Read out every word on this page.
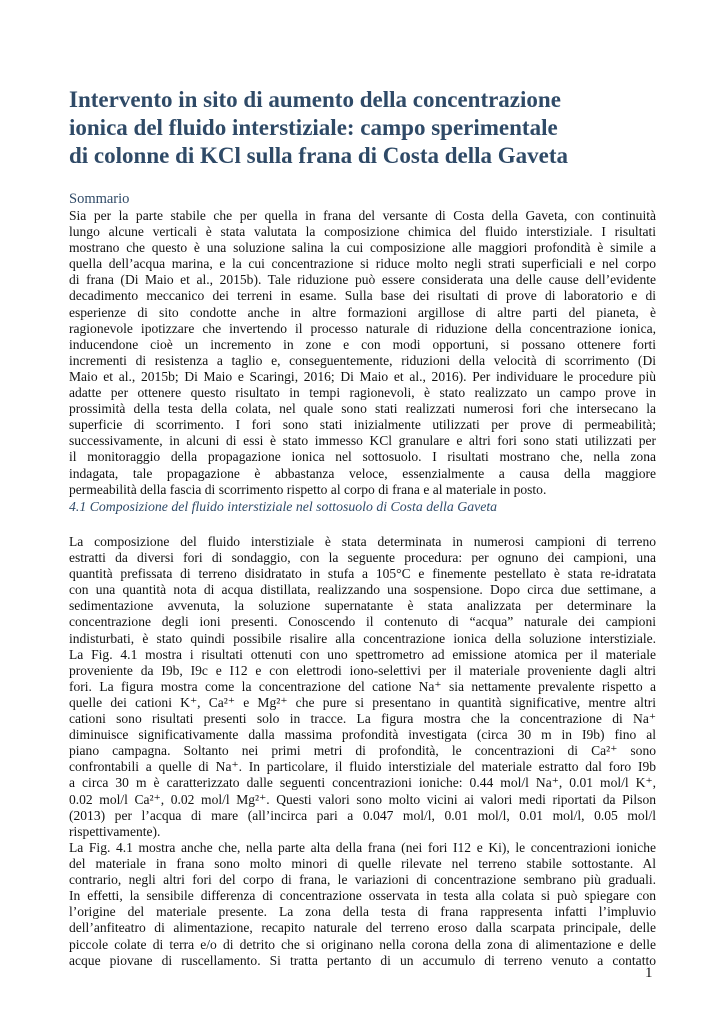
Intervento in sito di aumento della concentrazione
ionica del fluido interstiziale: campo sperimentale
di colonne di KCl sulla frana di Costa della Gaveta
Sommario
Sia per la parte stabile che per quella in frana del versante di Costa della Gaveta, con continuità
lungo alcune verticali è stata valutata la composizione chimica del fluido interstiziale. I risultati
mostrano che questo è una soluzione salina la cui composizione alle maggiori profondità è simile a
quella dell’acqua marina, e la cui concentrazione si riduce molto negli strati superficiali e nel corpo
di frana (Di Maio et al., 2015b). Tale riduzione può essere considerata una delle cause dell’evidente
decadimento meccanico dei terreni in esame. Sulla base dei risultati di prove di laboratorio e di
esperienze di sito condotte anche in altre formazioni argillose di altre parti del pianeta, è
ragionevole ipotizzare che invertendo il processo naturale di riduzione della concentrazione ionica,
inducendone cioè un incremento in zone e con modi opportuni, si possano ottenere forti
incrementi di resistenza a taglio e, conseguentemente, riduzioni della velocità di scorrimento (Di
Maio et al., 2015b; Di Maio e Scaringi, 2016; Di Maio et al., 2016). Per individuare le procedure più
adatte per ottenere questo risultato in tempi ragionevoli, è stato realizzato un campo prove in
prossimità della testa della colata, nel quale sono stati realizzati numerosi fori che intersecano la
superficie di scorrimento. I fori sono stati inizialmente utilizzati per prove di permeabilità;
successivamente, in alcuni di essi è stato immesso KCl granulare e altri fori sono stati utilizzati per
il monitoraggio della propagazione ionica nel sottosuolo. I risultati mostrano che, nella zona
indagata, tale propagazione è abbastanza veloce, essenzialmente a causa della maggiore
permeabilità della fascia di scorrimento rispetto al corpo di frana e al materiale in posto.
4.1 Composizione del fluido interstiziale nel sottosuolo di Costa della Gaveta
La composizione del fluido interstiziale è stata determinata in numerosi campioni di terreno
estratti da diversi fori di sondaggio, con la seguente procedura: per ognuno dei campioni, una
quantità prefissata di terreno disidratato in stufa a 105°C e finemente pestellato è stata re-idratata
con una quantità nota di acqua distillata, realizzando una sospensione. Dopo circa due settimane, a
sedimentazione avvenuta, la soluzione supernatante è stata analizzata per determinare la
concentrazione degli ioni presenti. Conoscendo il contenuto di “acqua” naturale dei campioni
indisturbati, è stato quindi possibile risalire alla concentrazione ionica della soluzione interstiziale.
La Fig. 4.1 mostra i risultati ottenuti con uno spettrometro ad emissione atomica per il materiale
proveniente da I9b, I9c e I12 e con elettrodi iono-selettivi per il materiale proveniente dagli altri
fori. La figura mostra come la concentrazione del catione Na⁺ sia nettamente prevalente rispetto a
quelle dei cationi K⁺, Ca²⁺ e Mg²⁺ che pure si presentano in quantità significative, mentre altri
cationi sono risultati presenti solo in tracce. La figura mostra che la concentrazione di Na⁺
diminuisce significativamente dalla massima profondità investigata (circa 30 m in I9b) fino al
piano campagna. Soltanto nei primi metri di profondità, le concentrazioni di Ca²⁺ sono
confrontabili a quelle di Na⁺. In particolare, il fluido interstiziale del materiale estratto dal foro I9b
a circa 30 m è caratterizzato dalle seguenti concentrazioni ioniche: 0.44 mol/l Na⁺, 0.01 mol/l K⁺,
0.02 mol/l Ca²⁺, 0.02 mol/l Mg²⁺. Questi valori sono molto vicini ai valori medi riportati da Pilson
(2013) per l’acqua di mare (all’incirca pari a 0.047 mol/l, 0.01 mol/l, 0.01 mol/l, 0.05 mol/l
rispettivamente).
La Fig. 4.1 mostra anche che, nella parte alta della frana (nei fori I12 e Ki), le concentrazioni ioniche
del materiale in frana sono molto minori di quelle rilevate nel terreno stabile sottostante. Al
contrario, negli altri fori del corpo di frana, le variazioni di concentrazione sembrano più graduali.
In effetti, la sensibile differenza di concentrazione osservata in testa alla colata si può spiegare con
l’origine del materiale presente. La zona della testa di frana rappresenta infatti l’impluvio
dell’anfiteatro di alimentazione, recapito naturale del terreno eroso dalla scarpata principale, delle
piccole colate di terra e/o di detrito che si originano nella corona della zona di alimentazione e delle
acque piovane di ruscellamento. Si tratta pertanto di un accumulo di terreno venuto a contatto
1
